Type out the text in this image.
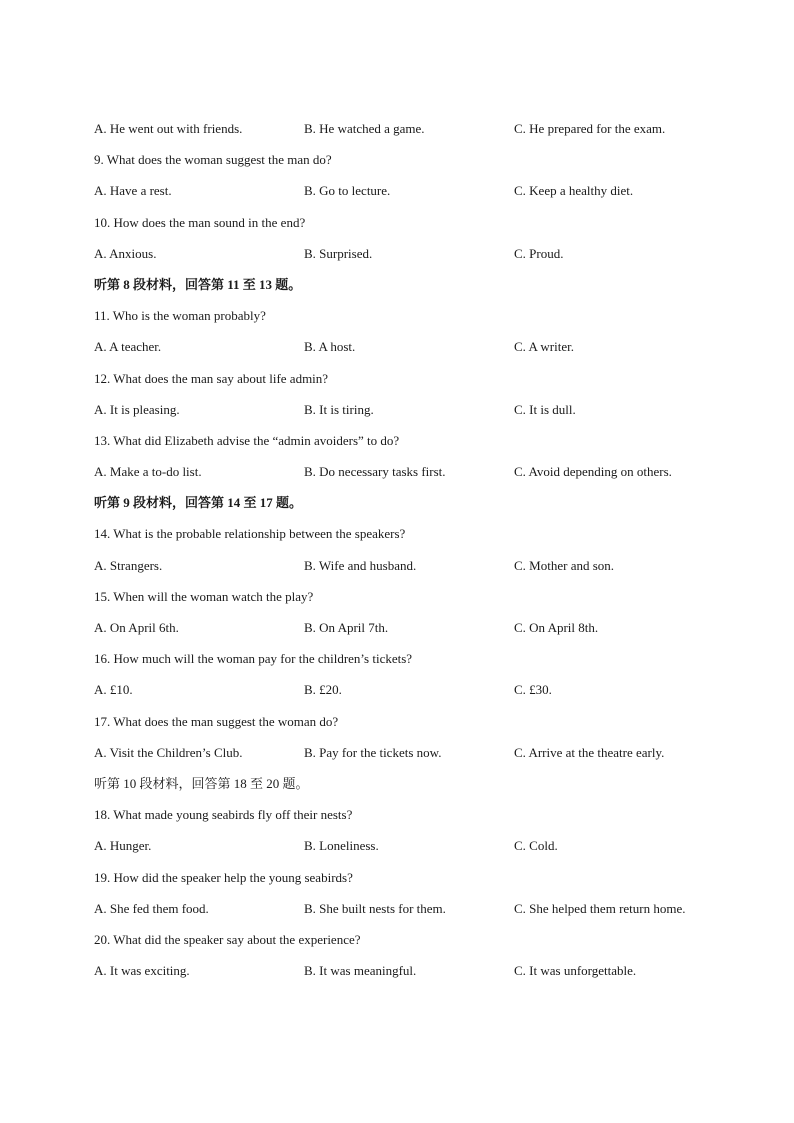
A. He went out with friends.	B. He watched a game.	C. He prepared for the exam.
9. What does the woman suggest the man do?
A. Have a rest.	B. Go to lecture.	C. Keep a healthy diet.
10. How does the man sound in the end?
A. Anxious.	B. Surprised.	C. Proud.
听第 8 段材料，回答第 11 至 13 题。
11. Who is the woman probably?
A. A teacher.	B. A host.	C. A writer.
12. What does the man say about life admin?
A. It is pleasing.	B. It is tiring.	C. It is dull.
13. What did Elizabeth advise the “admin avoiders” to do?
A. Make a to-do list.	B. Do necessary tasks first.	C. Avoid depending on others.
听第 9 段材料，回答第 14 至 17 题。
14. What is the probable relationship between the speakers?
A. Strangers.	B. Wife and husband.	C. Mother and son.
15. When will the woman watch the play?
A. On April 6th.	B. On April 7th.	C. On April 8th.
16. How much will the woman pay for the children’s tickets?
A. £10.	B. £20.	C. £30.
17. What does the man suggest the woman do?
A. Visit the Children’s Club.	B. Pay for the tickets now.	C. Arrive at the theatre early.
听第 10 段材料，回答第 18 至 20 题。
18. What made young seabirds fly off their nests?
A. Hunger.	B. Loneliness.	C. Cold.
19. How did the speaker help the young seabirds?
A. She fed them food.	B. She built nests for them.	C. She helped them return home.
20. What did the speaker say about the experience?
A. It was exciting.	B. It was meaningful.	C. It was unforgettable.
